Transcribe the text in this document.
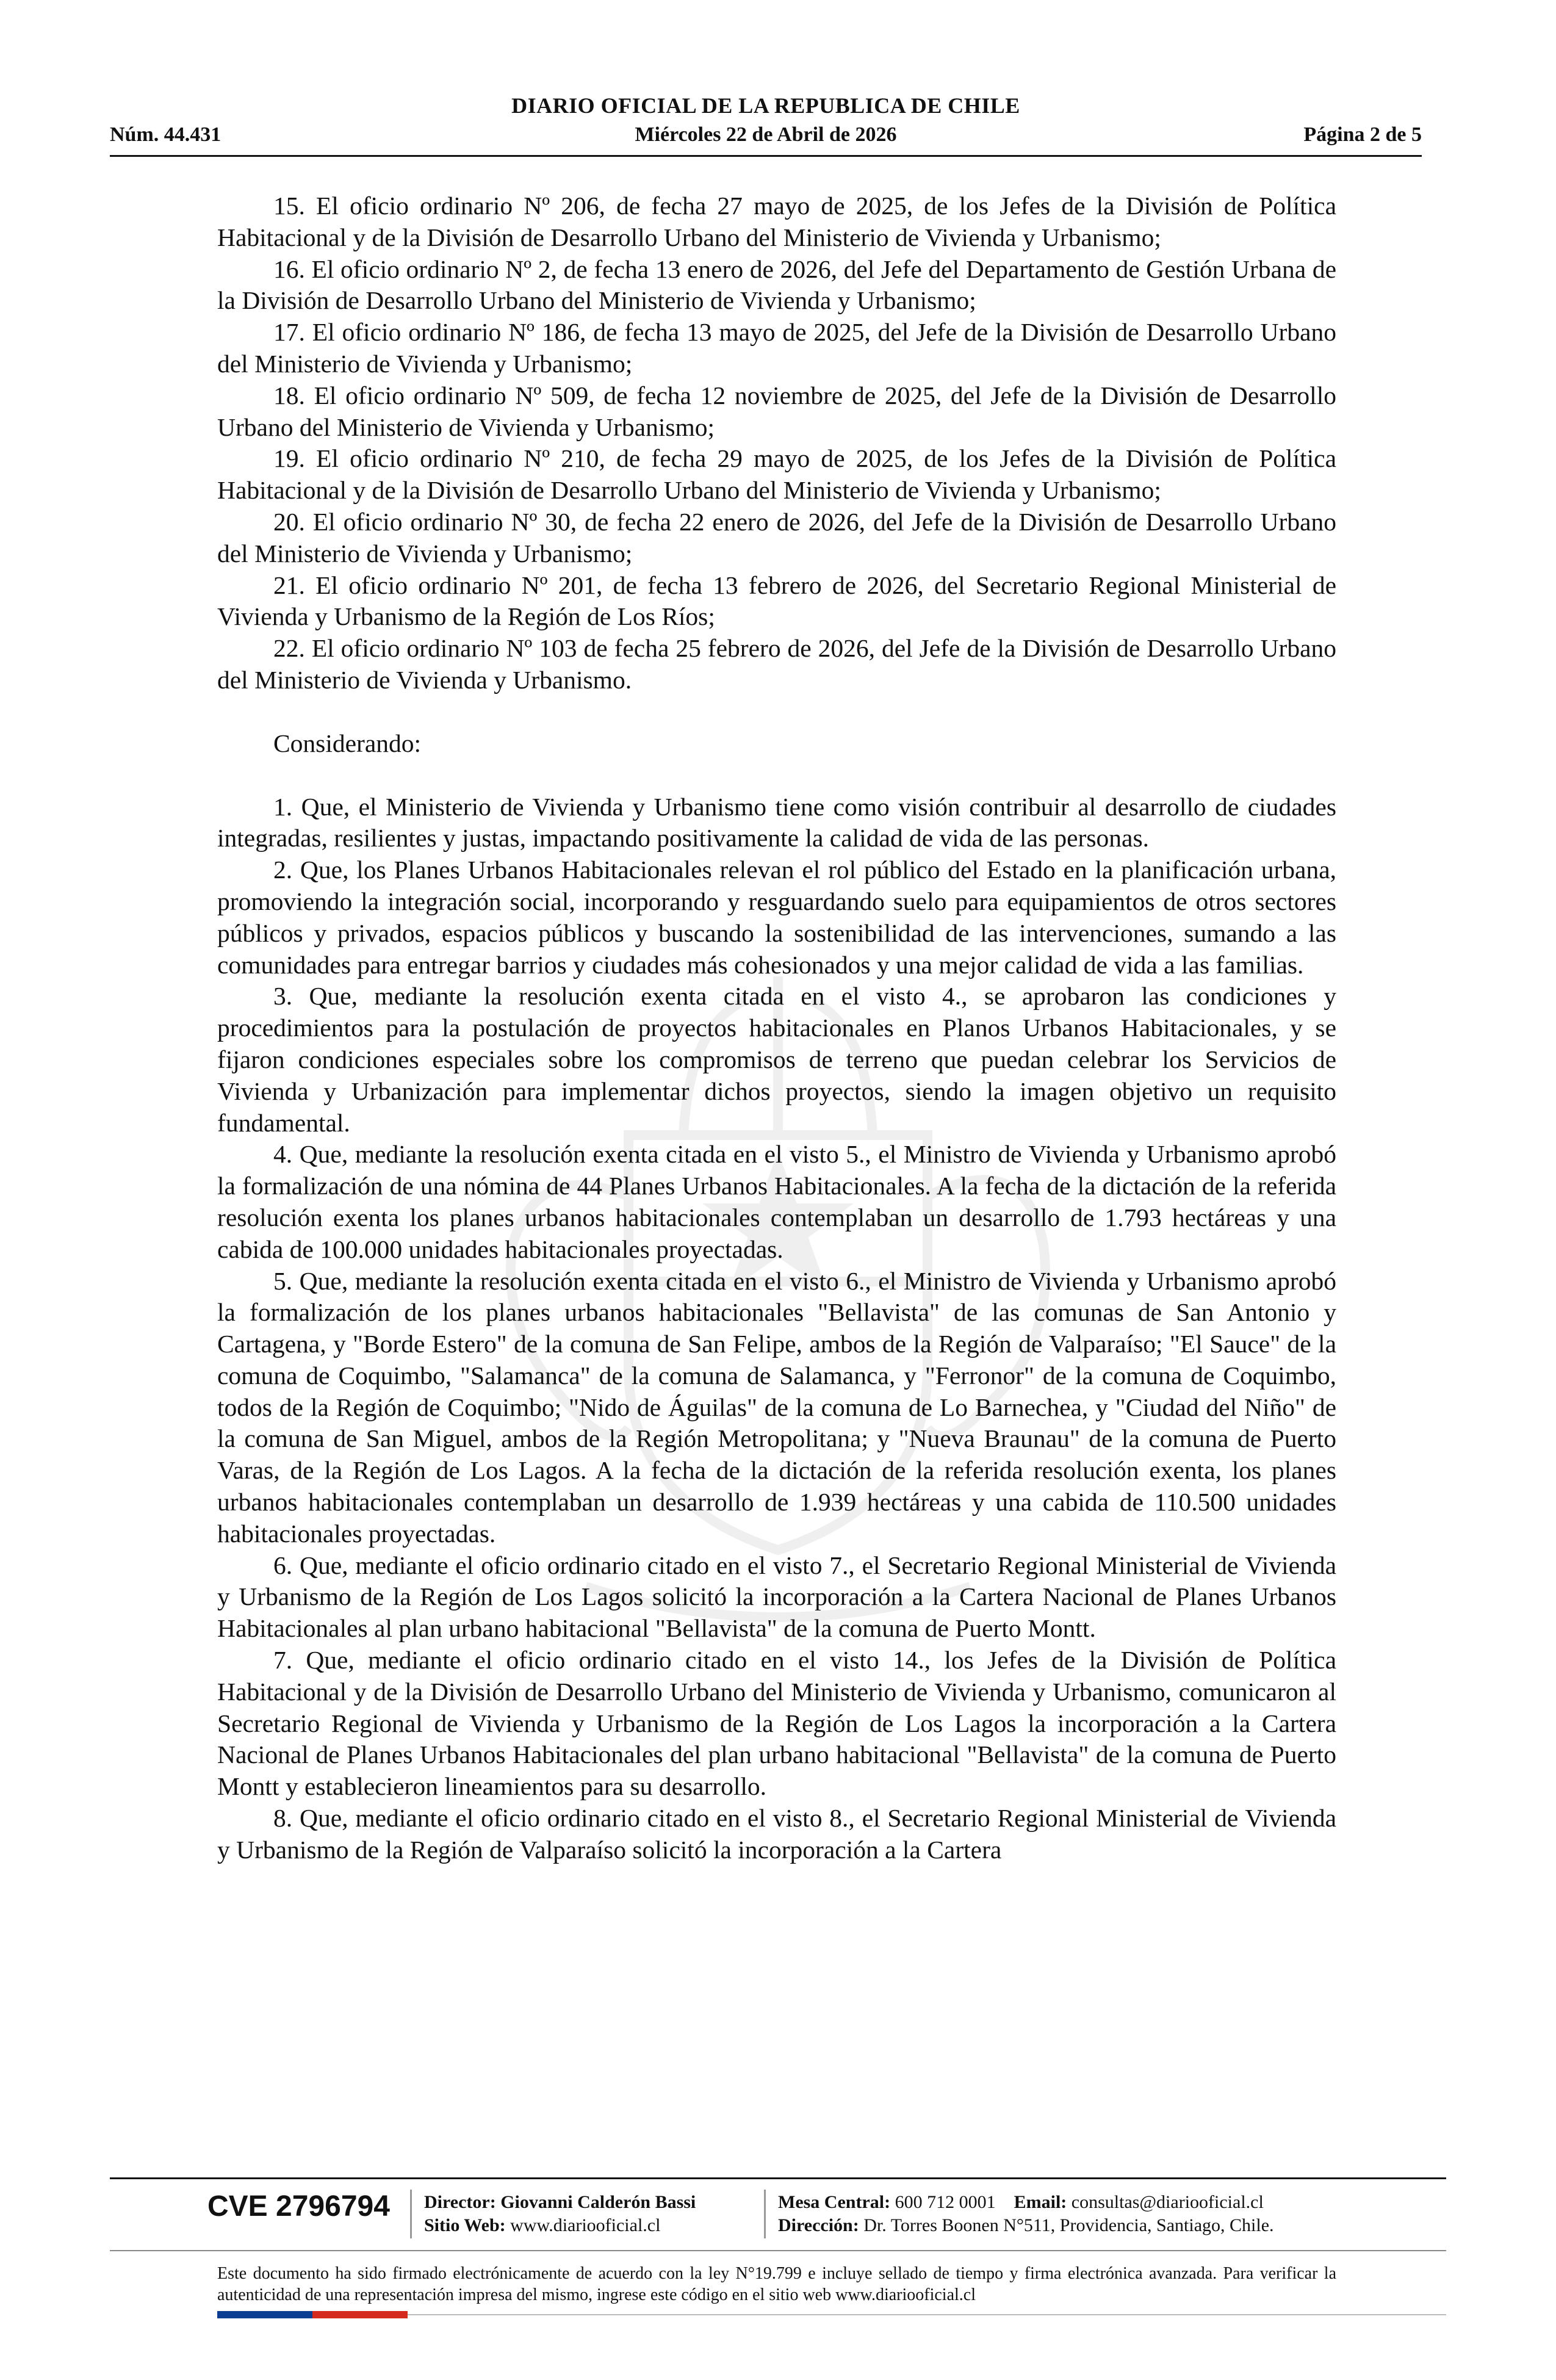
DIARIO OFICIAL DE LA REPUBLICA DE CHILE
Núm. 44.431	Miércoles 22 de Abril de 2026	Página 2 de 5

15. El oficio ordinario Nº 206, de fecha 27 mayo de 2025, de los Jefes de la División de Política Habitacional y de la División de Desarrollo Urbano del Ministerio de Vivienda y Urbanismo;

16. El oficio ordinario Nº 2, de fecha 13 enero de 2026, del Jefe del Departamento de Gestión Urbana de la División de Desarrollo Urbano del Ministerio de Vivienda y Urbanismo;

17. El oficio ordinario Nº 186, de fecha 13 mayo de 2025, del Jefe de la División de Desarrollo Urbano del Ministerio de Vivienda y Urbanismo;

18. El oficio ordinario Nº 509, de fecha 12 noviembre de 2025, del Jefe de la División de Desarrollo Urbano del Ministerio de Vivienda y Urbanismo;

19. El oficio ordinario Nº 210, de fecha 29 mayo de 2025, de los Jefes de la División de Política Habitacional y de la División de Desarrollo Urbano del Ministerio de Vivienda y Urbanismo;

20. El oficio ordinario Nº 30, de fecha 22 enero de 2026, del Jefe de la División de Desarrollo Urbano del Ministerio de Vivienda y Urbanismo;

21. El oficio ordinario Nº 201, de fecha 13 febrero de 2026, del Secretario Regional Ministerial de Vivienda y Urbanismo de la Región de Los Ríos;

22. El oficio ordinario Nº 103 de fecha 25 febrero de 2026, del Jefe de la División de Desarrollo Urbano del Ministerio de Vivienda y Urbanismo.

Considerando:

1. Que, el Ministerio de Vivienda y Urbanismo tiene como visión contribuir al desarrollo de ciudades integradas, resilientes y justas, impactando positivamente la calidad de vida de las personas.

2. Que, los Planes Urbanos Habitacionales relevan el rol público del Estado en la planificación urbana, promoviendo la integración social, incorporando y resguardando suelo para equipamientos de otros sectores públicos y privados, espacios públicos y buscando la sostenibilidad de las intervenciones, sumando a las comunidades para entregar barrios y ciudades más cohesionados y una mejor calidad de vida a las familias.

3. Que, mediante la resolución exenta citada en el visto 4., se aprobaron las condiciones y procedimientos para la postulación de proyectos habitacionales en Planos Urbanos Habitacionales, y se fijaron condiciones especiales sobre los compromisos de terreno que puedan celebrar los Servicios de Vivienda y Urbanización para implementar dichos proyectos, siendo la imagen objetivo un requisito fundamental.

4. Que, mediante la resolución exenta citada en el visto 5., el Ministro de Vivienda y Urbanismo aprobó la formalización de una nómina de 44 Planes Urbanos Habitacionales. A la fecha de la dictación de la referida resolución exenta los planes urbanos habitacionales contemplaban un desarrollo de 1.793 hectáreas y una cabida de 100.000 unidades habitacionales proyectadas.

5. Que, mediante la resolución exenta citada en el visto 6., el Ministro de Vivienda y Urbanismo aprobó la formalización de los planes urbanos habitacionales "Bellavista" de las comunas de San Antonio y Cartagena, y "Borde Estero" de la comuna de San Felipe, ambos de la Región de Valparaíso; "El Sauce" de la comuna de Coquimbo, "Salamanca" de la comuna de Salamanca, y "Ferronor" de la comuna de Coquimbo, todos de la Región de Coquimbo; "Nido de Águilas" de la comuna de Lo Barnechea, y "Ciudad del Niño" de la comuna de San Miguel, ambos de la Región Metropolitana; y "Nueva Braunau" de la comuna de Puerto Varas, de la Región de Los Lagos. A la fecha de la dictación de la referida resolución exenta, los planes urbanos habitacionales contemplaban un desarrollo de 1.939 hectáreas y una cabida de 110.500 unidades habitacionales proyectadas.

6. Que, mediante el oficio ordinario citado en el visto 7., el Secretario Regional Ministerial de Vivienda y Urbanismo de la Región de Los Lagos solicitó la incorporación a la Cartera Nacional de Planes Urbanos Habitacionales al plan urbano habitacional "Bellavista" de la comuna de Puerto Montt.

7. Que, mediante el oficio ordinario citado en el visto 14., los Jefes de la División de Política Habitacional y de la División de Desarrollo Urbano del Ministerio de Vivienda y Urbanismo, comunicaron al Secretario Regional de Vivienda y Urbanismo de la Región de Los Lagos la incorporación a la Cartera Nacional de Planes Urbanos Habitacionales del plan urbano habitacional "Bellavista" de la comuna de Puerto Montt y establecieron lineamientos para su desarrollo.

8. Que, mediante el oficio ordinario citado en el visto 8., el Secretario Regional Ministerial de Vivienda y Urbanismo de la Región de Valparaíso solicitó la incorporación a la Cartera

CVE 2796794 Director: Giovanni Calderón Bassi
Sitio Web: www.diariooficial.cl
Mesa Central: 600 712 0001 Email: consultas@diariooficial.cl
Dirección: Dr. Torres Boonen N°511, Providencia, Santiago, Chile.
Este documento ha sido firmado electrónicamente de acuerdo con la ley N°19.799 e incluye sellado de tiempo y firma electrónica avanzada. Para verificar la autenticidad de una representación impresa del mismo, ingrese este código en el sitio web www.diariooficial.cl
